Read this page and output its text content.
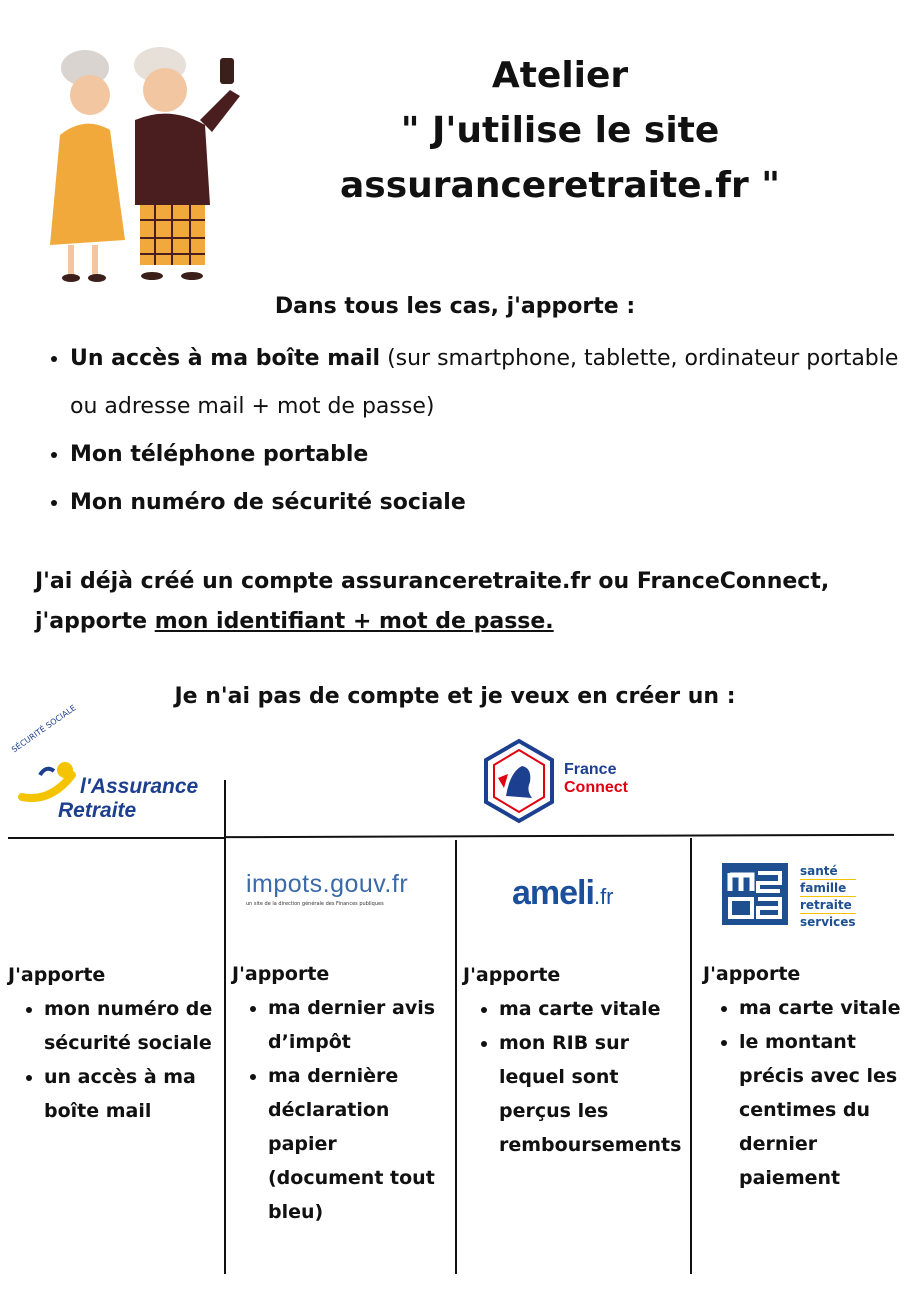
Atelier
" J'utilise le site
assuranceretraite.fr "
Dans tous les cas, j'apporte :
• Un accès à ma boîte mail (sur smartphone, tablette, ordinateur portable ou adresse mail + mot de passe)
• Mon téléphone portable
• Mon numéro de sécurité sociale
J'ai déjà créé un compte assuranceretraite.fr ou FranceConnect, j'apporte mon identifiant + mot de passe.
Je n'ai pas de compte et je veux en créer un :
SÉCURITÉ SOCIALE
l'Assurance
Retraite
France
Connect
impots.gouv.fr
un site de la direction générale des Finances publiques	ameli.fr
santé
famille
retraite
services
J'apporte
• mon numéro de sécurité sociale
• un accès à ma boîte mail
J'apporte
• ma dernier avis d’impôt
• ma dernière déclaration papier (document tout bleu)
J'apporte
• ma carte vitale
• mon RIB sur lequel sont perçus les remboursements
J'apporte
• ma carte vitale
• le montant précis avec les centimes du dernier paiement
